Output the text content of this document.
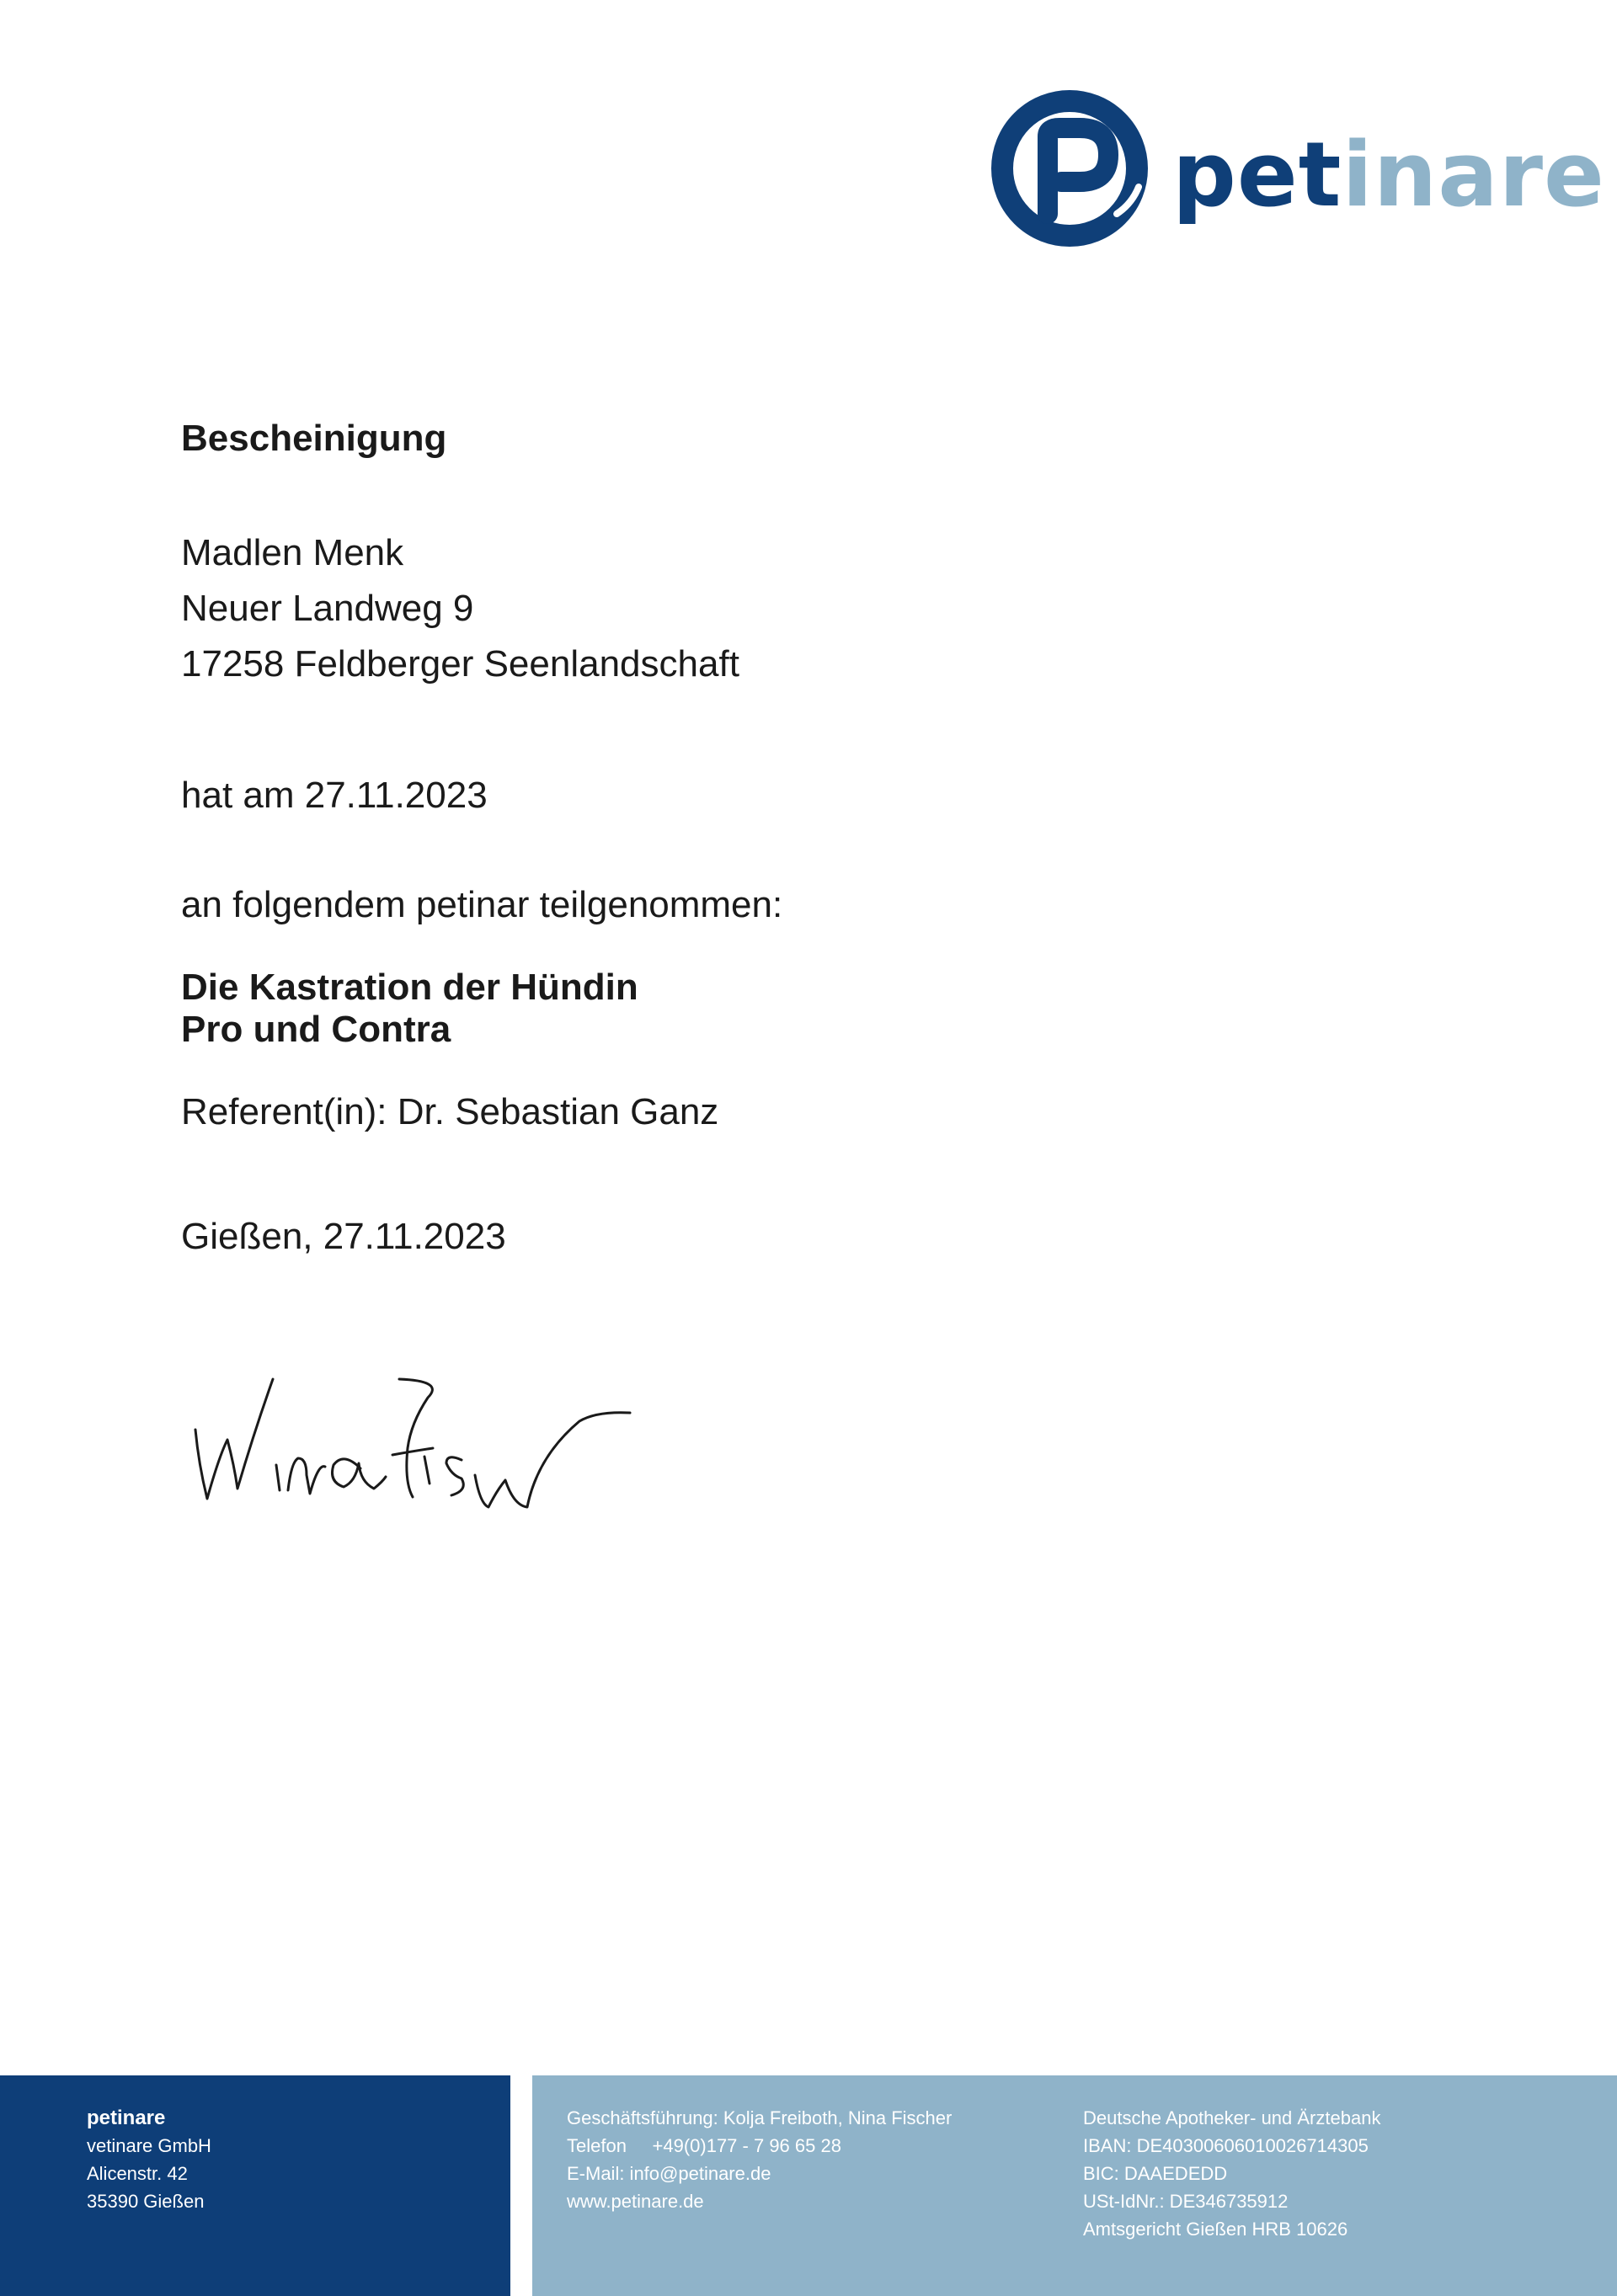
petinare
Bescheinigung
Madlen Menk
Neuer Landweg 9
17258 Feldberger Seenlandschaft
hat am 27.11.2023
an folgendem petinar teilgenommen:
Die Kastration der Hündin
Pro und Contra
Referent(in): Dr. Sebastian Ganz
Gießen, 27.11.2023
petinare
vetinare GmbH
Alicenstr. 42
35390 Gießen
Geschäftsführung: Kolja Freiboth, Nina Fischer
Telefon     +49(0)177 - 7 96 65 28
E-Mail: info@petinare.de
www.petinare.de
Deutsche Apotheker- und Ärztebank
IBAN: DE40300606010026714305
BIC: DAAEDEDD
USt-IdNr.: DE346735912
Amtsgericht Gießen HRB 10626
